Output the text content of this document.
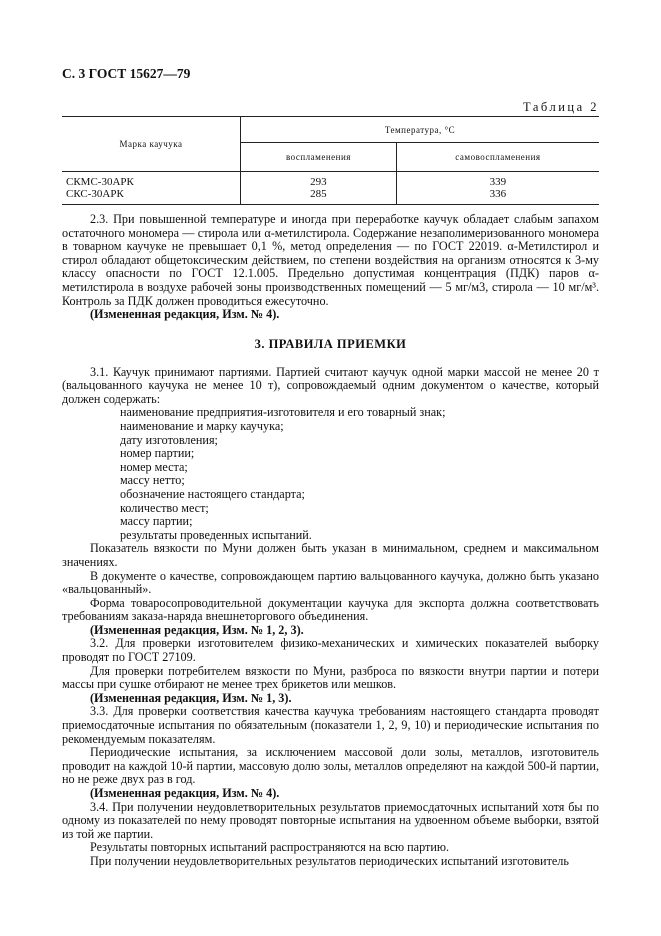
С. 3 ГОСТ 15627—79
Таблица 2
Марка каучука	Температура, °С	
	воспламенения	самовоспламенения
СКМС-30АРК	293	339
СКС-30АРК	285	336

2.3. При повышенной температуре и иногда при переработке каучук обладает слабым запахом остаточного мономера — стирола или α-метилстирола. Содержание незаполимеризованного мономера в товарном каучуке не превышает 0,1 %, метод определения — по ГОСТ 22019. α-Метилстирол и стирол обладают общетоксическим действием, по степени воздействия на организм относятся к 3-му классу опасности по ГОСТ 12.1.005. Предельно допустимая концентрация (ПДК) паров α-метилстирола в воздухе рабочей зоны производственных помещений — 5 мг/м3, стирола — 10 мг/м³. Контроль за ПДК должен проводиться ежесуточно.

(Измененная редакция, Изм. № 4).

3. ПРАВИЛА ПРИЕМКИ

3.1. Каучук принимают партиями. Партией считают каучук одной марки массой не менее 20 т (вальцованного каучука не менее 10 т), сопровождаемый одним документом о качестве, который должен содержать:

наименование предприятия-изготовителя и его товарный знак;

наименование и марку каучука;

дату изготовления;

номер партии;

номер места;

массу нетто;

обозначение настоящего стандарта;

количество мест;

массу партии;

результаты проведенных испытаний.

Показатель вязкости по Муни должен быть указан в минимальном, среднем и максимальном значениях.

В документе о качестве, сопровождающем партию вальцованного каучука, должно быть указано «вальцованный».

Форма товаросопроводительной документации каучука для экспорта должна соответствовать требованиям заказа-наряда внешнеторгового объединения.

(Измененная редакция, Изм. № 1, 2, 3).

3.2. Для проверки изготовителем физико-механических и химических показателей выборку проводят по ГОСТ 27109.

Для проверки потребителем вязкости по Муни, разброса по вязкости внутри партии и потери массы при сушке отбирают не менее трех брикетов или мешков.

(Измененная редакция, Изм. № 1, 3).

3.3. Для проверки соответствия качества каучука требованиям настоящего стандарта проводят приемосдаточные испытания по обязательным (показатели 1, 2, 9, 10) и периодические испытания по рекомендуемым показателям.

Периодические испытания, за исключением массовой доли золы, металлов, изготовитель проводит на каждой 10-й партии, массовую долю золы, металлов определяют на каждой 500-й партии, но не реже двух раз в год.

(Измененная редакция, Изм. № 4).

3.4. При получении неудовлетворительных результатов приемосдаточных испытаний хотя бы по одному из показателей по нему проводят повторные испытания на удвоенном объеме выборки, взятой из той же партии.

Результаты повторных испытаний распространяются на всю партию.

При получении неудовлетворительных результатов периодических испытаний изготовитель
